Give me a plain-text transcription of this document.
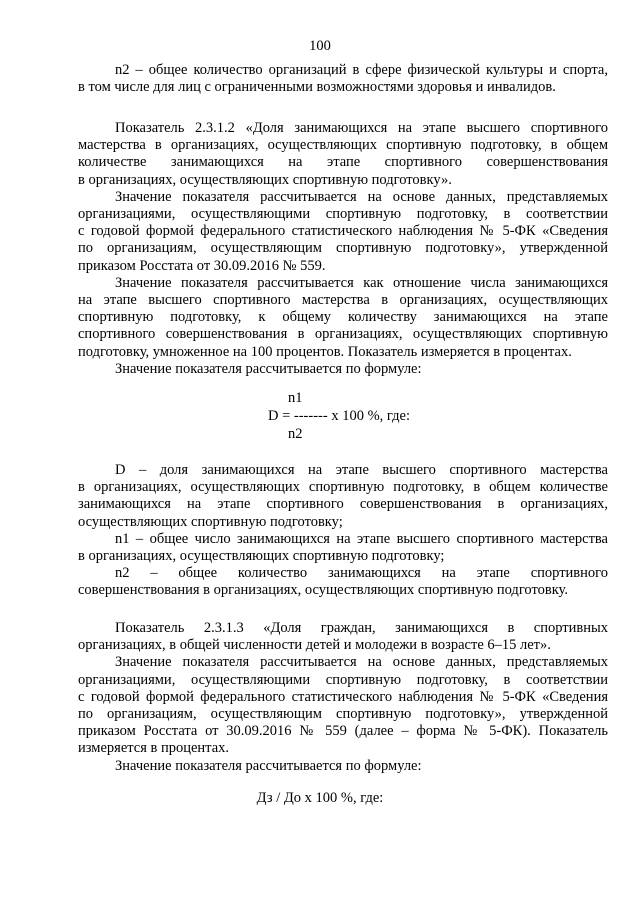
100

n2 – общее количество организаций в сфере физической культуры и спорта,

в том числе для лиц с ограниченными возможностями здоровья и инвалидов.

Показатель 2.3.1.2 «Доля занимающихся на этапе высшего спортивного

мастерства в организациях, осуществляющих спортивную подготовку, в общем

количестве занимающихся на этапе спортивного совершенствования

в организациях, осуществляющих спортивную подготовку».

Значение показателя рассчитывается на основе данных, представляемых

организациями, осуществляющими спортивную подготовку, в соответствии

с годовой формой федерального статистического наблюдения № 5-ФК «Сведения

по организациям, осуществляющим спортивную подготовку», утвержденной

приказом Росстата от 30.09.2016 № 559.

Значение показателя рассчитывается как отношение числа занимающихся

на этапе высшего спортивного мастерства в организациях, осуществляющих

спортивную подготовку, к общему количеству занимающихся на этапе

спортивного совершенствования в организациях, осуществляющих спортивную

подготовку, умноженное на 100 процентов. Показатель измеряется в процентах.

Значение показателя рассчитывается по формуле:

n1
D = ------- х 100 %, где:
n2

D – доля занимающихся на этапе высшего спортивного мастерства

в организациях, осуществляющих спортивную подготовку, в общем количестве

занимающихся на этапе спортивного совершенствования в организациях,

осуществляющих спортивную подготовку;

n1 – общее число занимающихся на этапе высшего спортивного мастерства

в организациях, осуществляющих спортивную подготовку;

n2 – общее количество занимающихся на этапе спортивного

совершенствования в организациях, осуществляющих спортивную подготовку.

Показатель 2.3.1.3 «Доля граждан, занимающихся в спортивных

организациях, в общей численности детей и молодежи в возрасте 6–15 лет».

Значение показателя рассчитывается на основе данных, представляемых

организациями, осуществляющими спортивную подготовку, в соответствии

с годовой формой федерального статистического наблюдения № 5-ФК «Сведения

по организациям, осуществляющим спортивную подготовку», утвержденной

приказом Росстата от 30.09.2016 № 559 (далее – форма № 5-ФК). Показатель

измеряется в процентах.

Значение показателя рассчитывается по формуле:

Дз / До х 100 %, где:
